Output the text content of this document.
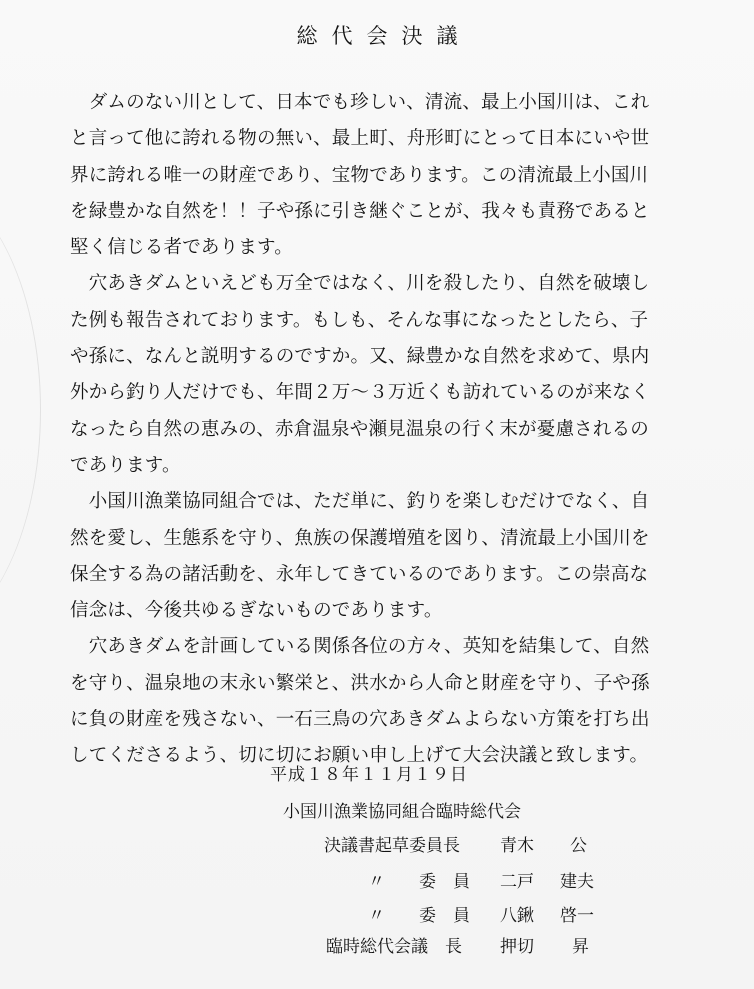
総代会決議
　ダムのない川として、日本でも珍しい、清流、最上小国川は、これ
と言って他に誇れる物の無い、最上町、舟形町にとって日本にいや世
界に誇れる唯一の財産であり、宝物であります。この清流最上小国川
を緑豊かな自然を！！子や孫に引き継ぐことが、我々も責務であると
堅く信じる者であります。
　穴あきダムといえども万全ではなく、川を殺したり、自然を破壊し
た例も報告されております。もしも、そんな事になったとしたら、子
や孫に、なんと説明するのですか。又、緑豊かな自然を求めて、県内
外から釣り人だけでも、年間２万〜３万近くも訪れているのが来なく
なったら自然の恵みの、赤倉温泉や瀬見温泉の行く末が憂慮されるの
であります。
　小国川漁業協同組合では、ただ単に、釣りを楽しむだけでなく、自
然を愛し、生態系を守り、魚族の保護増殖を図り、清流最上小国川を
保全する為の諸活動を、永年してきているのであります。この崇高な
信念は、今後共ゆるぎないものであります。
　穴あきダムを計画している関係各位の方々、英知を結集して、自然
を守り、温泉地の末永い繁栄と、洪水から人命と財産を守り、子や孫
に負の財産を残さない、一石三鳥の穴あきダムよらない方策を打ち出
してくださるよう、切に切にお願い申し上げて大会決議と致します。
平成１８年１１月１９日
小国川漁業協同組合臨時総代会
決議書起草委員長 青木 公
〃　　委　員 二戸 建夫
〃　　委　員 八鍬 啓一
臨時総代会議　長 押切 昇
